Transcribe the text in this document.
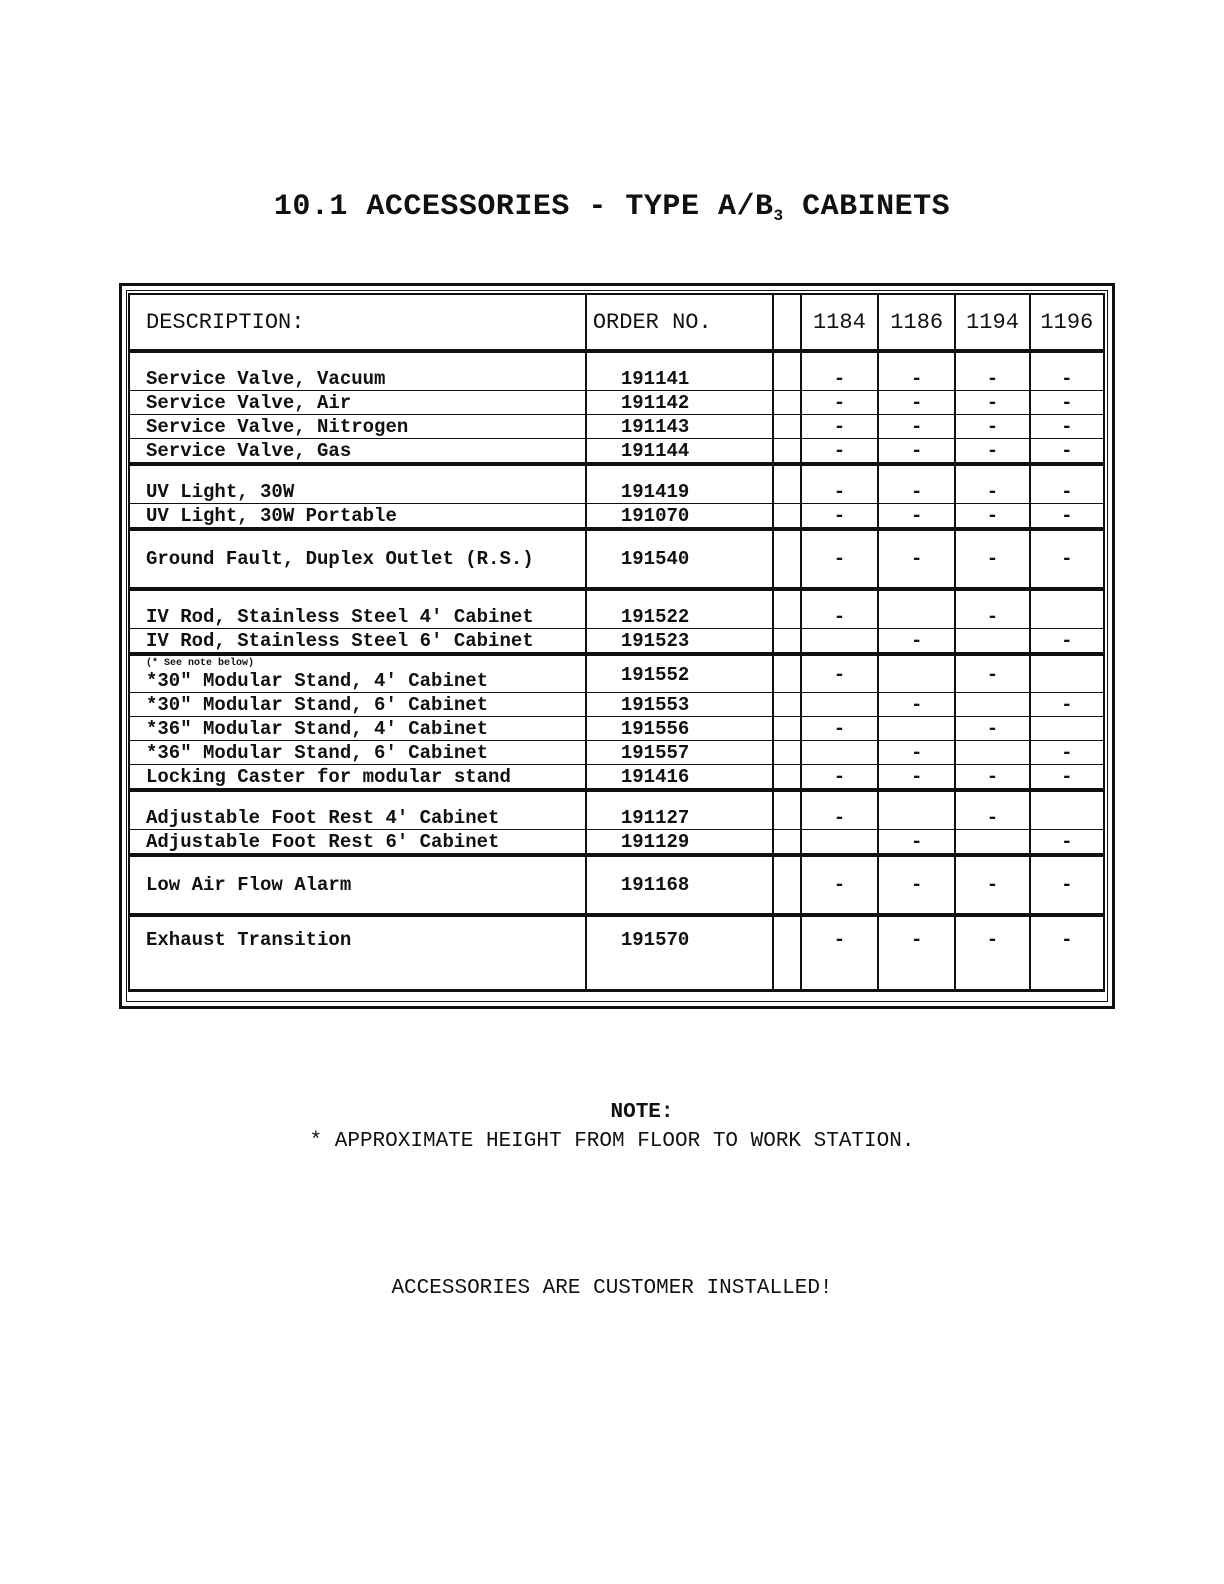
10.1 ACCESSORIES - TYPE $A/B_3$ CABINETS
DESCRIPTION:	ORDER NO.		1184	1186	1194	1196
Service Valve, Vacuum	191141		-	-	-	-
Service Valve, Air	191142		-	-	-	-
Service Valve, Nitrogen	191143		-	-	-	-
Service Valve, Gas	191144		-	-	-	-
UV Light, 30W	191419		-	-	-	-
UV Light, 30W Portable	191070		-	-	-	-
Ground Fault, Duplex Outlet (R.S.)	191540		-	-	-	-
IV Rod, Stainless Steel 4' Cabinet	191522		-		-	
IV Rod, Stainless Steel 6' Cabinet	191523			-		-

(* See note below)
*30" Modular Stand, 4' Cabinet	191552		-		-	
*30" Modular Stand, 6' Cabinet	191553			-		-
*36" Modular Stand, 4' Cabinet	191556		-		-	
*36" Modular Stand, 6' Cabinet	191557			-		-
Locking Caster for modular stand	191416		-	-	-	-
Adjustable Foot Rest 4' Cabinet	191127		-		-	
Adjustable Foot Rest 6' Cabinet	191129			-		-
Low Air Flow Alarm	191168		-	-	-	-
Exhaust Transition	191570		-	-	-	-
NOTE:
* APPROXIMATE HEIGHT FROM FLOOR TO WORK STATION.
ACCESSORIES ARE CUSTOMER INSTALLED!
